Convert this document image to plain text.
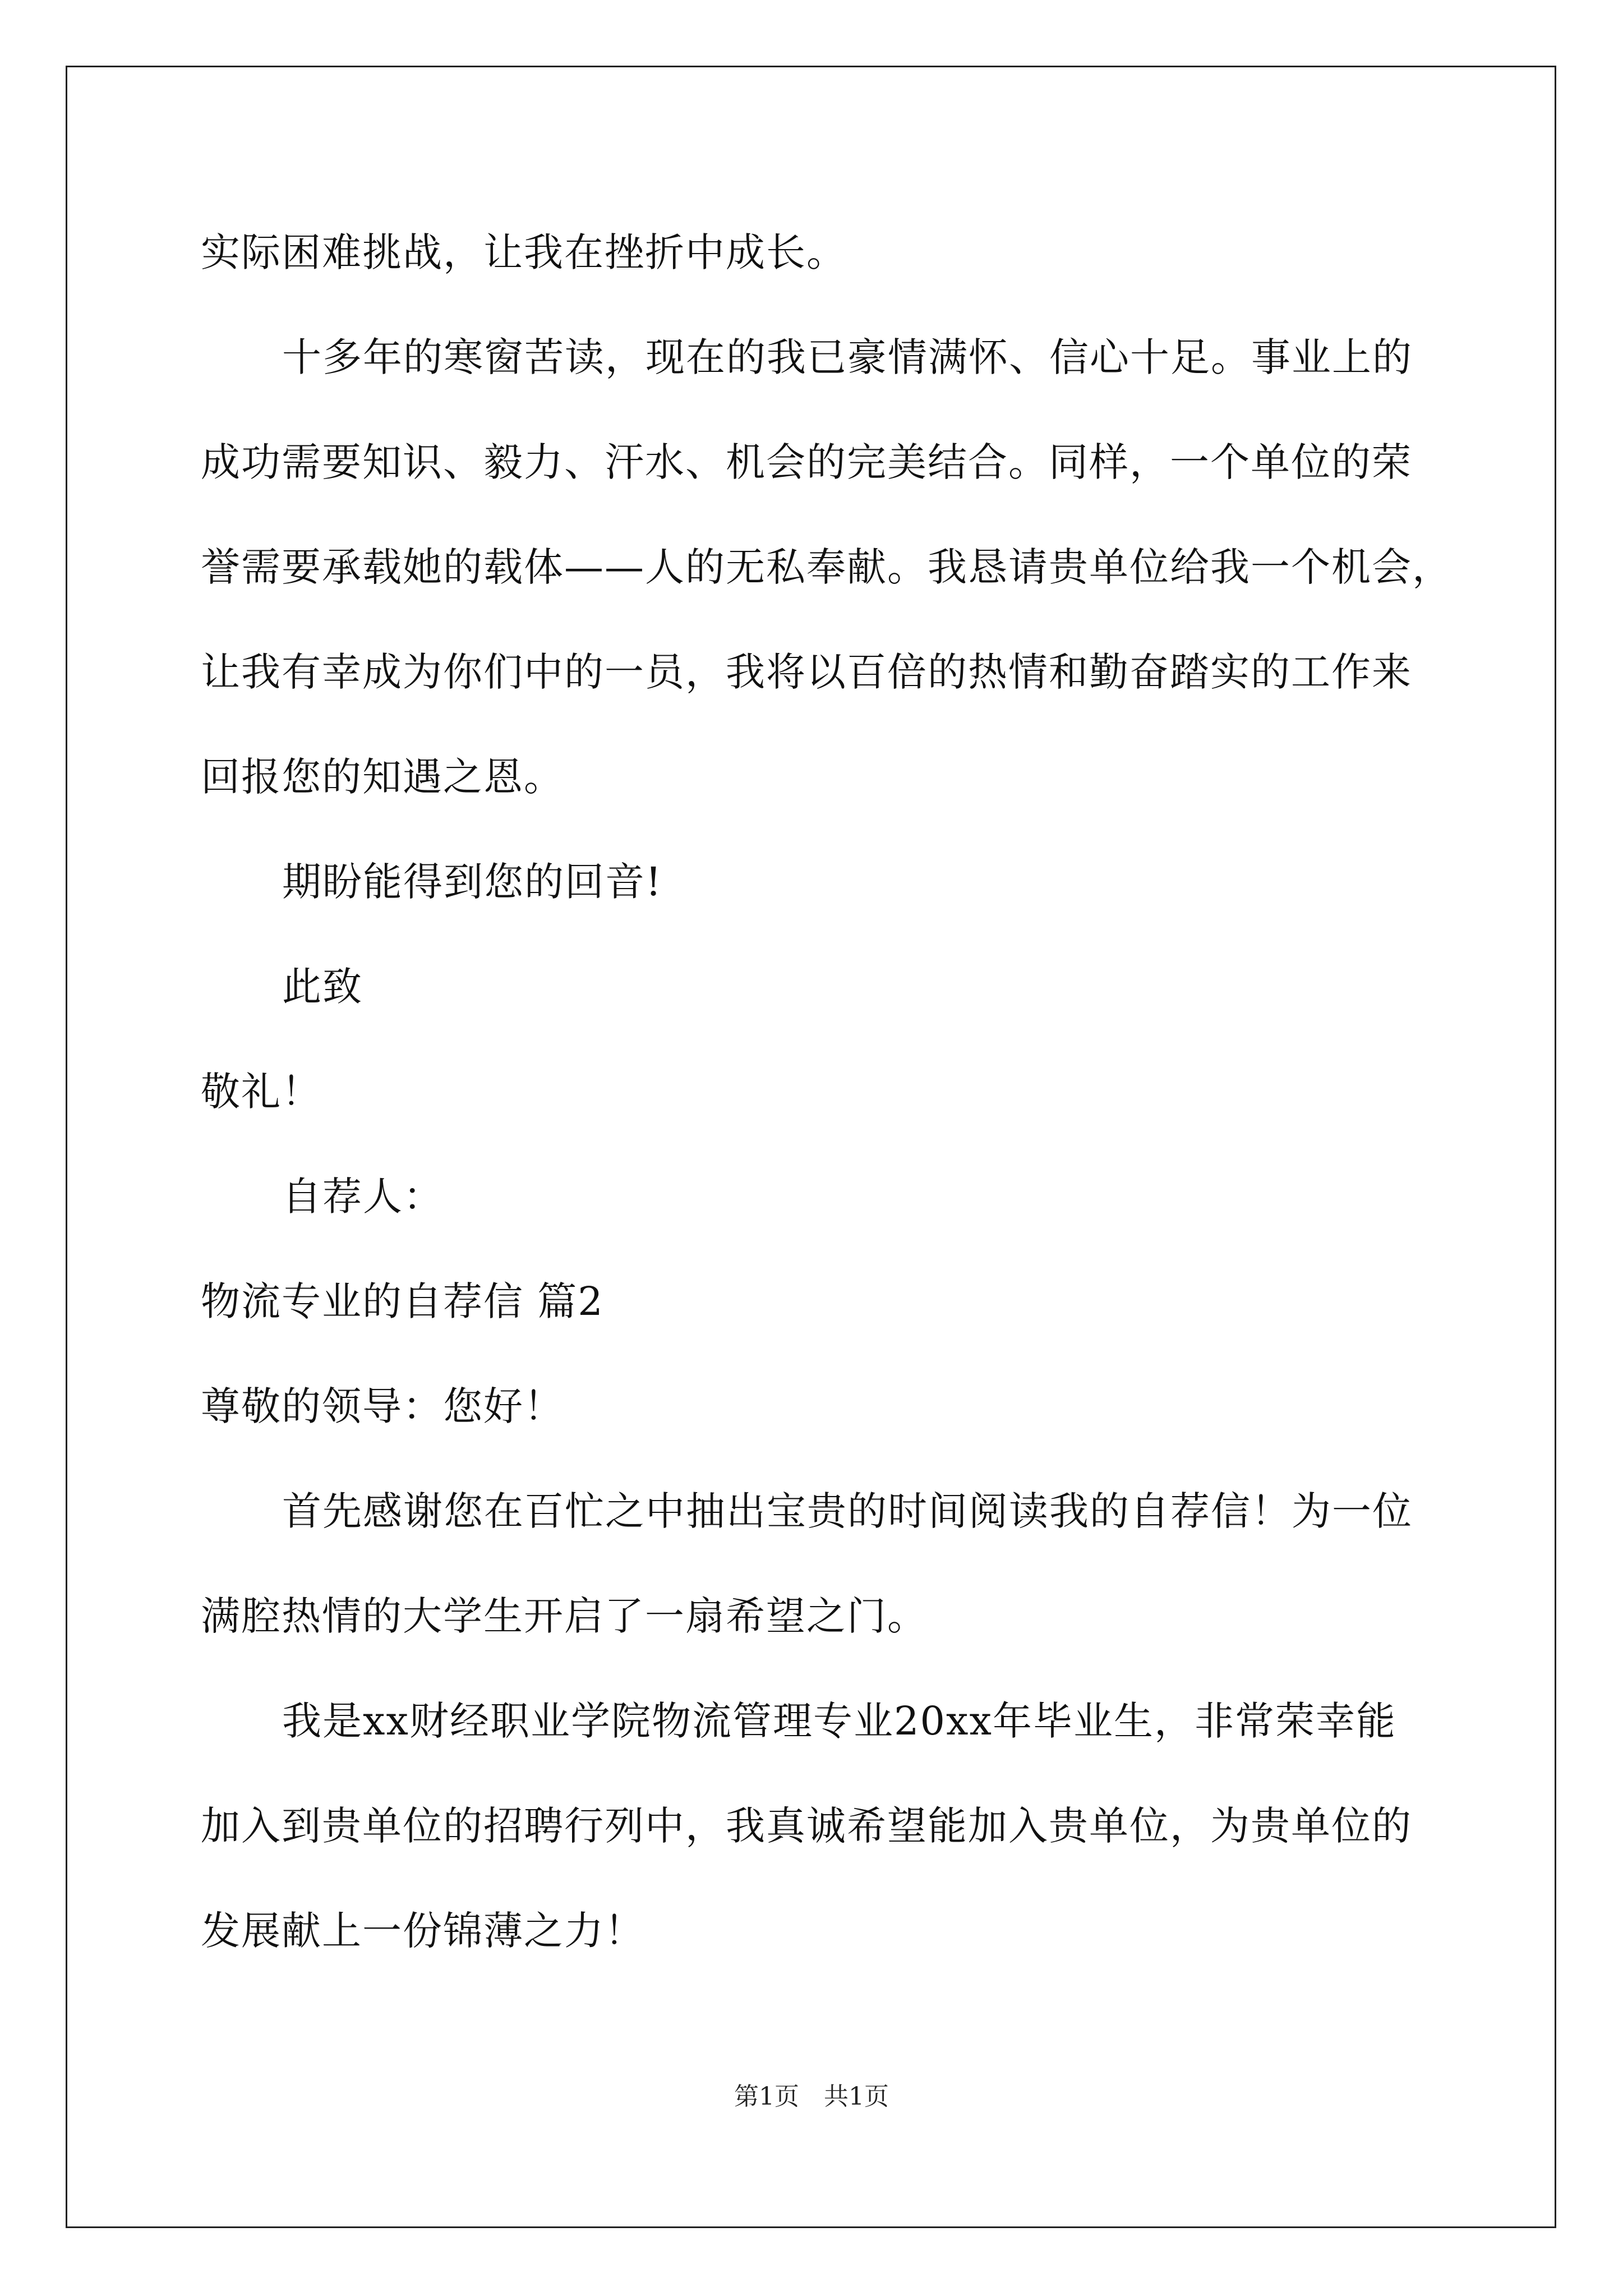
实际困难挑战，让我在挫折中成长。
十多年的寒窗苦读，现在的我已豪情满怀、信心十足。事业上的
成功需要知识、毅力、汗水、机会的完美结合。同样，一个单位的荣
誉需要承载她的载体——人的无私奉献。我恳请贵单位给我一个机会，
让我有幸成为你们中的一员，我将以百倍的热情和勤奋踏实的工作来
回报您的知遇之恩。
期盼能得到您的回音!
此致
敬礼！
自荐人：
物流专业的自荐信 篇2
尊敬的领导：您好！
首先感谢您在百忙之中抽出宝贵的时间阅读我的自荐信！为一位
满腔热情的大学生开启了一扇希望之门。
我是xx财经职业学院物流管理专业20xx年毕业生，非常荣幸能
加入到贵单位的招聘行列中，我真诚希望能加入贵单位，为贵单位的
发展献上一份锦薄之力！
第1页　共1页
